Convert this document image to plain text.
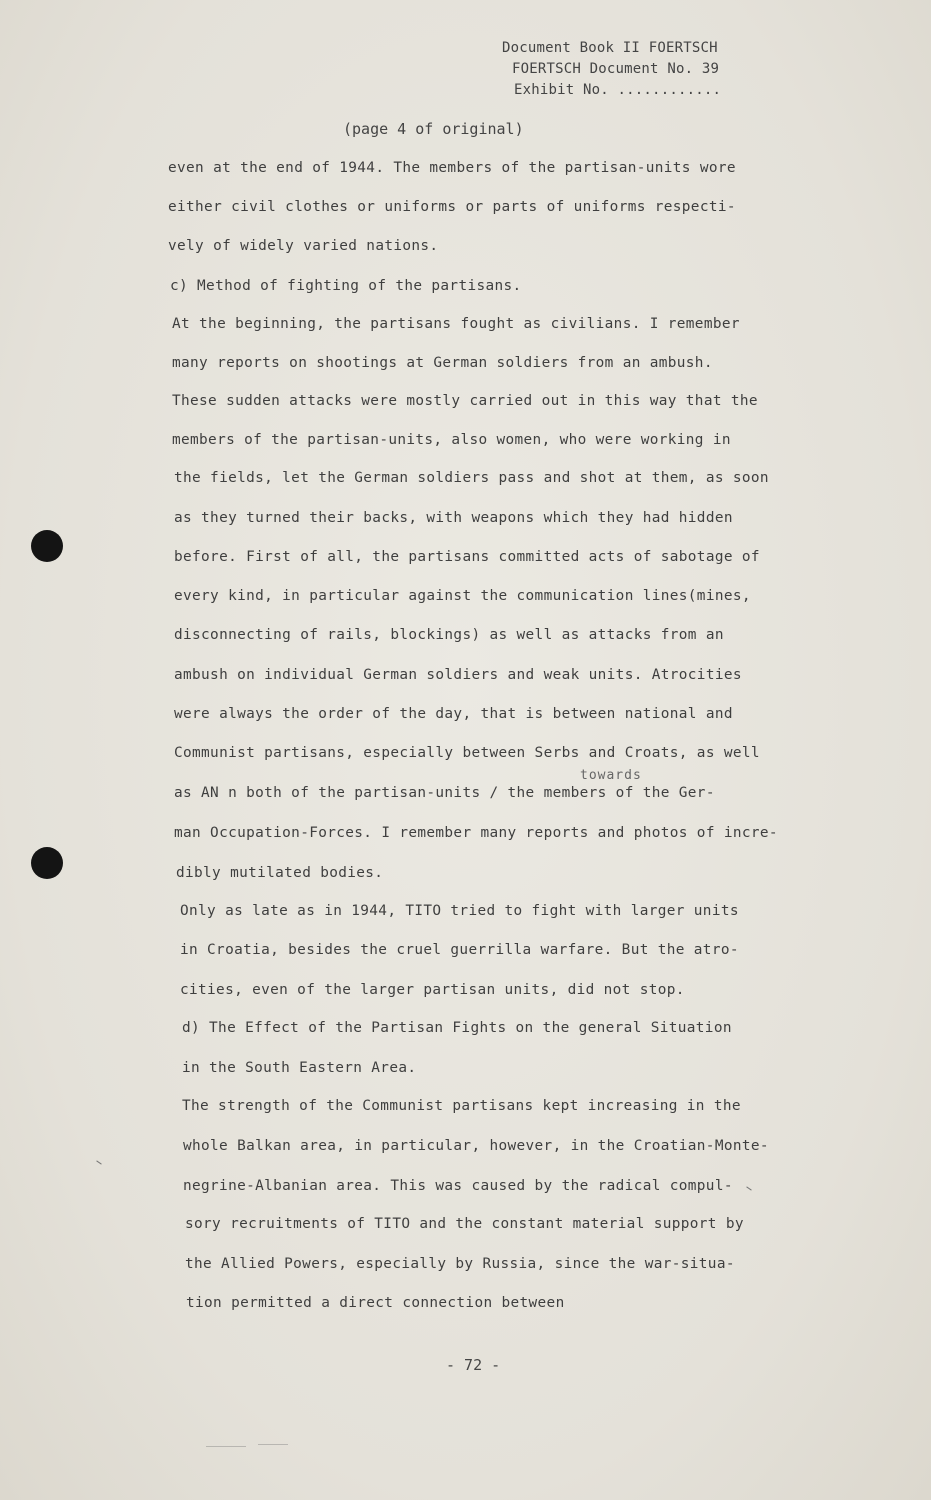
Document Book II FOERTSCH
FOERTSCH Document No. 39
Exhibit No. ............
(page 4 of original)
even at the end of 1944. The members of the partisan-units wore
either civil clothes or uniforms or parts of uniforms respecti-
vely of widely varied nations.
c) Method of fighting of the partisans.
At the beginning, the partisans fought as civilians. I remember
many reports on shootings at German soldiers from an ambush.
These sudden attacks were mostly carried out in this way that the
members of the partisan-units, also women, who were working in
the fields, let the German soldiers pass and shot at them, as soon
as they turned their backs, with weapons which they had hidden
before. First of all, the partisans committed acts of sabotage of
every kind, in particular against the communication lines(mines,
disconnecting of rails, blockings) as well as attacks from an
ambush on individual German soldiers and weak units. Atrocities
were always the order of the day, that is between national and
Communist partisans, especially between Serbs and Croats, as well
as AN n both of the partisan-units / the members of the Ger-
man Occupation-Forces. I remember many reports and photos of incre-
dibly mutilated bodies.
Only as late as in 1944, TITO tried to fight with larger units
in Croatia, besides the cruel guerrilla warfare. But the atro-
cities, even of the larger partisan units, did not stop.
d) The Effect of the Partisan Fights on the general Situation
in the South Eastern Area.
The strength of the Communist partisans kept increasing in the
whole Balkan area, in particular, however, in the Croatian-Monte-
negrine-Albanian area. This was caused by the radical compul-
sory recruitments of TITO and the constant material support by
the Allied Powers, especially by Russia, since the war-situa-
tion permitted a direct connection between
towards
- 72 -
